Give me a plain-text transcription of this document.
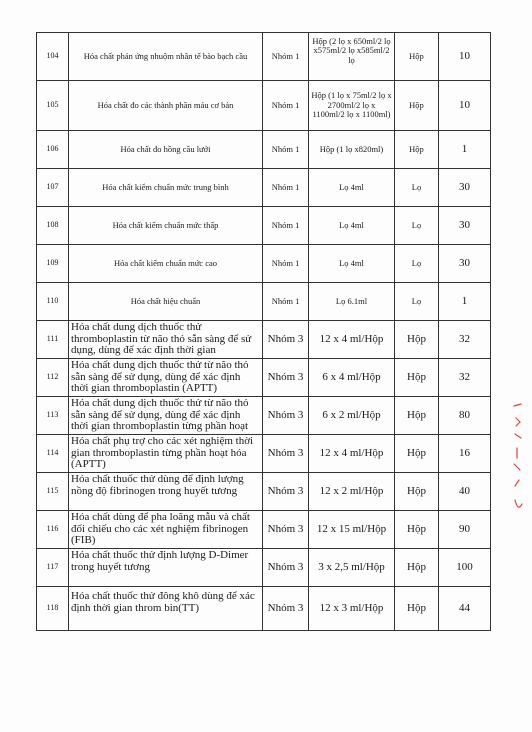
104	Hóa chất phản ứng nhuộm nhân tế bào bạch cầu	Nhóm 1	Hộp (2 lọ x 650ml/2 lọ x575ml/2 lọ x585ml/2 lọ	Hộp	10
105	Hóa chất đo các thành phần máu cơ bản	Nhóm 1	Hộp (1 lọ x 75ml/2 lọ x 2700ml/2 lọ x 1100ml/2 lọ x 1100ml)	Hộp	10
106	Hóa chất đo hồng cầu lưới	Nhóm 1	Hộp (1 lọ x820ml)	Hộp	1
107	Hóa chất kiểm chuẩn mức trung bình	Nhóm 1	Lọ 4ml	Lọ	30
108	Hóa chất kiểm chuẩn mức thấp	Nhóm 1	Lọ 4ml	Lọ	30
109	Hóa chất kiểm chuẩn mức cao	Nhóm 1	Lọ 4ml	Lọ	30
110	Hóa chất hiệu chuẩn	Nhóm 1	Lọ 6.1ml	Lọ	1
111	Hóa chất dung dịch thuốc thử thromboplastin từ não thỏ sẵn sàng để sử dụng, dùng để xác định thời gian	Nhóm 3	12 x 4 ml/Hộp	Hộp	32
112	Hóa chất dung dịch thuốc thử từ não thỏ sẵn sàng để sử dụng, dùng để xác định thời gian thromboplastin (APTT)	Nhóm 3	6 x 4 ml/Hộp	Hộp	32
113	Hóa chất dung dịch thuốc thử từ não thỏ sẵn sàng để sử dụng, dùng để xác định thời gian thromboplastin từng phần hoạt	Nhóm 3	6 x 2 ml/Hộp	Hộp	80
114	Hóa chất phụ trợ cho các xét nghiệm thời gian thromboplastin từng phần hoạt hóa (APTT)	Nhóm 3	12 x 4 ml/Hộp	Hộp	16
115	Hóa chất thuốc thử dùng để định lượng nồng độ fibrinogen trong huyết tương	Nhóm 3	12 x 2 ml/Hộp	Hộp	40
116	Hóa chất dùng để pha loãng mẫu và chất đối chiếu cho các xét nghiệm fibrinogen (FIB)	Nhóm 3	12 x 15 ml/Hộp	Hộp	90
117	Hóa chất thuốc thử định lượng D-Dimer trong huyết tương	Nhóm 3	3 x 2,5 ml/Hộp	Hộp	100
118	Hóa chất thuốc thử đông khô dùng để xác định thời gian throm bin(TT)	Nhóm 3	12 x 3 ml/Hộp	Hộp	44
